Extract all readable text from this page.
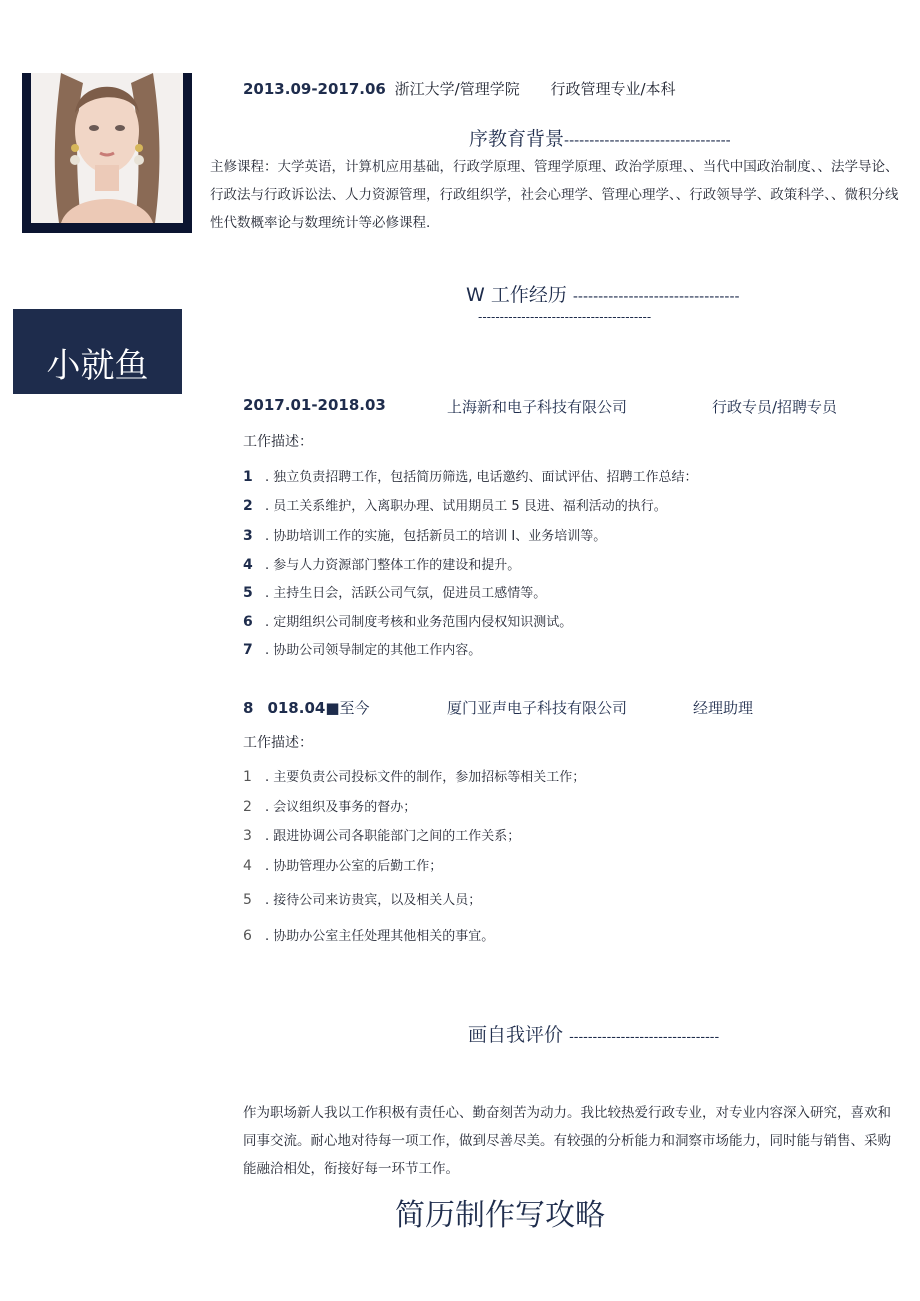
小就鱼
2013.09-2017.06 浙江大学/管理学院 行政管理专业/本科
序教育背景---------------------------------
主修课程：大学英语，计算机应用基础，行政学原理、管理学原理、政治学原理、、当代中国政治制度、、法学导论、行政法与行政诉讼法、人力资源管理，行政组织学，社会心理学、管理心理学、、行政领导学、政策科学、、微积分线性代数概率论与数理统计等必修课程.
W 工作经历 ---------------------------------
----------------------------------------
2017.01-2018.03	上海新和电子科技有限公司	行政专员/招聘专员
工作描述：
1 . 独立负责招聘工作，包括简历筛选, 电话邀约、面试评估、招聘工作总结：
2 . 员工关系维护，入离职办理、试用期员工 5 艮进、福利活动的执行。
3 . 协助培训工作的实施，包括新员工的培训 I、业务培训等。
4 . 参与人力资源部门整体工作的建设和提升。
5 . 主持生日会，活跃公司气氛，促进员工感情等。
6 . 定期组织公司制度考核和业务范围内侵权知识测试。
7 . 协助公司领导制定的其他工作内容。
8 018.04■至今	厦门亚声电子科技有限公司	经理助理
工作描述：
1 . 主要负责公司投标文件的制作，参加招标等相关工作；
2 . 会议组织及事务的督办；
3 . 跟进协调公司各职能部门之间的工作关系；
4 . 协助管理办公室的后勤工作；
5 . 接待公司来访贵宾，以及相关人员；
6 . 协助办公室主任处理其他相关的事宜。
画自我评价 --------------------------------
作为职场新人我以工作积极有责任心、勤奋刻苦为动力。我比较热爱行政专业，对专业内容深入研究，喜欢和同事交流。耐心地对待每一项工作，做到尽善尽美。有较强的分析能力和洞察市场能力，同时能与销售、采购能融洽相处，衔接好每一环节工作。
简历制作写攻略
